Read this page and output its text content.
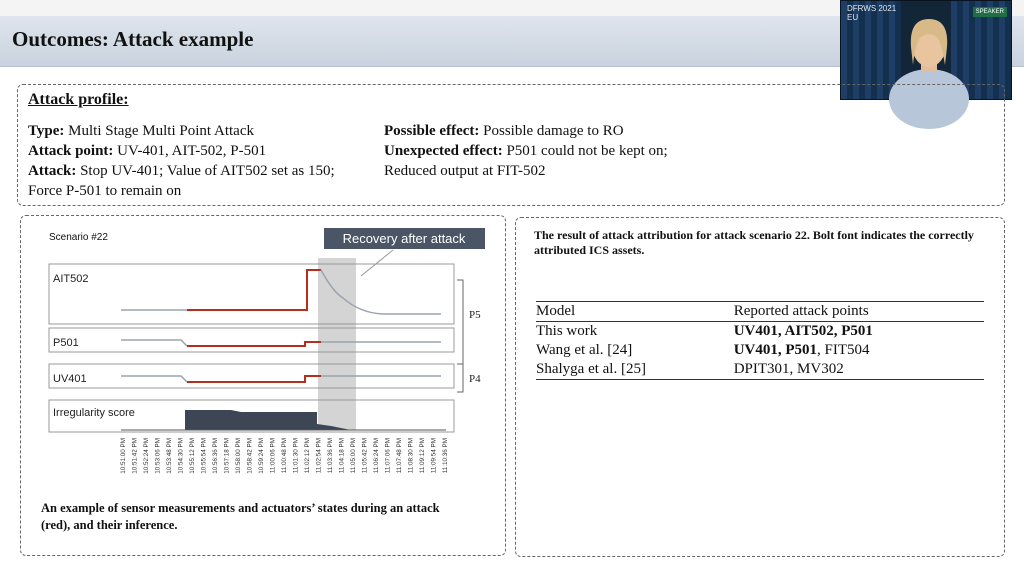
Outcomes: Attack example
DFRWS 2021
EU
SPEAKER
Attack profile:

Type: Multi Stage Multi Point Attack

Attack point: UV-401, AIT-502, P-501

Attack: Stop UV-401; Value of AIT502 set as 150; Force P-501 to remain on

Possible effect: Possible damage to RO

Unexpected effect: P501 could not be kept on; Reduced output at FIT-502

Scenario #22	Recovery after attack
AIT502
P501
UV401
Irregularity score
P5
P4
10:51:00 PM 10:51:42 PM 10:52:24 PM 10:53:06 PM 10:53:48 PM 10:54:30 PM 10:55:12 PM 10:55:54 PM 10:56:36 PM 10:57:18 PM 10:58:00 PM 10:58:42 PM 10:59:24 PM 11:00:06 PM 11:00:48 PM 11:01:30 PM 11:02:12 PM 11:02:54 PM 11:03:36 PM 11:04:18 PM 11:05:00 PM 11:05:42 PM 11:06:24 PM 11:07:06 PM 11:07:48 PM 11:08:30 PM 11:09:12 PM 11:09:54 PM 11:10:36 PM
An example of sensor measurements and actuators’ states during an attack (red), and their inference.
The result of attack attribution for attack scenario 22. Bolt font indicates the correctly attributed ICS assets.
Model	Reported attack points
This work	UV401, AIT502, P501
Wang et al. [24]	UV401, P501, FIT504
Shalyga et al. [25]	DPIT301, MV302
